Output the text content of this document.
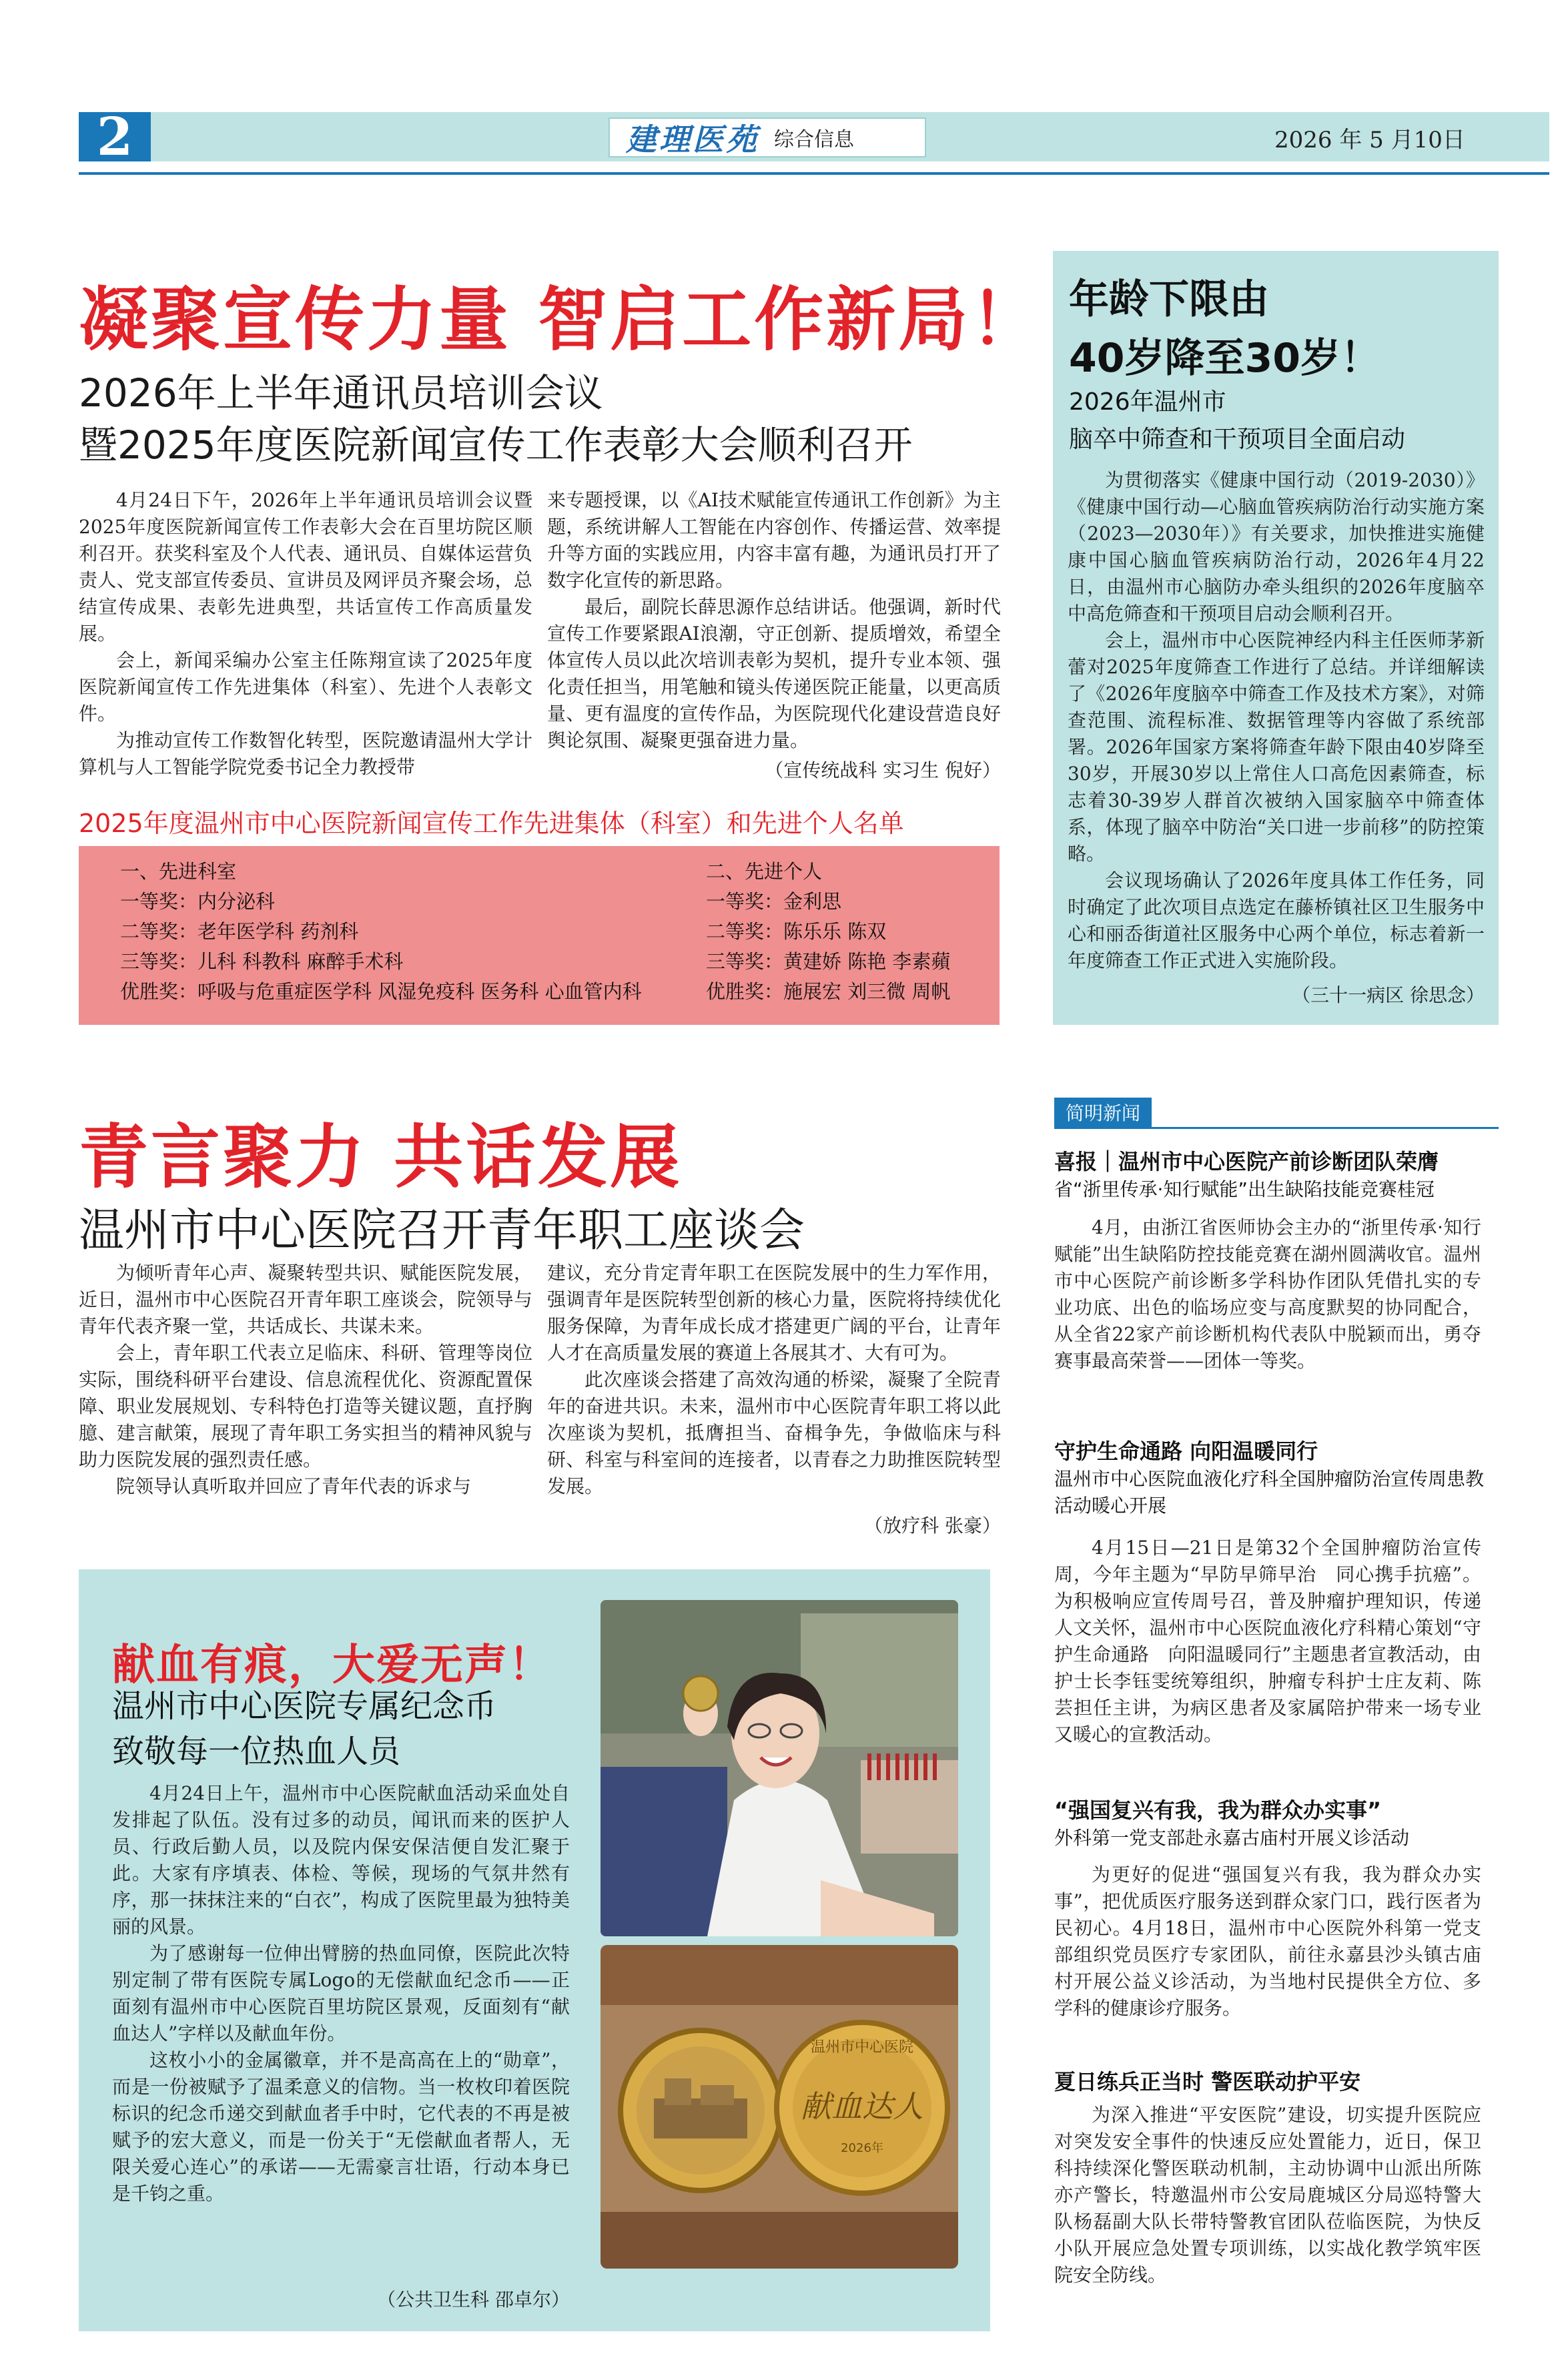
2	建理医苑 综合信息	2026 年 5 月10日
凝聚宣传力量 智启工作新局！
2026年上半年通讯员培训会议
暨2025年度医院新闻宣传工作表彰大会顺利召开

4月24日下午，2026年上半年通讯员培训会议暨2025年度医院新闻宣传工作表彰大会在百里坊院区顺利召开。获奖科室及个人代表、通讯员、自媒体运营负责人、党支部宣传委员、宣讲员及网评员齐聚会场，总结宣传成果、表彰先进典型，共话宣传工作高质量发展。

会上，新闻采编办公室主任陈翔宣读了2025年度医院新闻宣传工作先进集体（科室）、先进个人表彰文件。

为推动宣传工作数智化转型，医院邀请温州大学计算机与人工智能学院党委书记全力教授带

来专题授课，以《AI技术赋能宣传通讯工作创新》为主题，系统讲解人工智能在内容创作、传播运营、效率提升等方面的实践应用，内容丰富有趣，为通讯员打开了数字化宣传的新思路。

最后，副院长薛思源作总结讲话。他强调，新时代宣传工作要紧跟AI浪潮，守正创新、提质增效，希望全体宣传人员以此次培训表彰为契机，提升专业本领、强化责任担当，用笔触和镜头传递医院正能量，以更高质量、更有温度的宣传作品，为医院现代化建设营造良好舆论氛围、凝聚更强奋进力量。

（宣传统战科 实习生 倪好）
2025年度温州市中心医院新闻宣传工作先进集体（科室）和先进个人名单
一、先进科室
一等奖：内分泌科
二等奖：老年医学科 药剂科
三等奖：儿科 科教科 麻醉手术科
优胜奖：呼吸与危重症医学科 风湿免疫科 医务科 心血管内科
二、先进个人
一等奖：金利思
二等奖：陈乐乐 陈双
三等奖：黄建娇 陈艳 李素蘋
优胜奖：施展宏 刘三微 周帆
年龄下限由
40岁降至30岁！
2026年温州市
脑卒中筛查和干预项目全面启动

为贯彻落实《健康中国行动（2019-2030）》《健康中国行动—心脑血管疾病防治行动实施方案（2023—2030年）》有关要求，加快推进实施健康中国心脑血管疾病防治行动，2026年4月22日，由温州市心脑防办牵头组织的2026年度脑卒中高危筛查和干预项目启动会顺利召开。

会上，温州市中心医院神经内科主任医师茅新蕾对2025年度筛查工作进行了总结。并详细解读了《2026年度脑卒中筛查工作及技术方案》，对筛查范围、流程标准、数据管理等内容做了系统部署。2026年国家方案将筛查年龄下限由40岁降至30岁，开展30岁以上常住人口高危因素筛查，标志着30-39岁人群首次被纳入国家脑卒中筛查体系，体现了脑卒中防治“关口进一步前移”的防控策略。

会议现场确认了2026年度具体工作任务，同时确定了此次项目点选定在藤桥镇社区卫生服务中心和丽岙街道社区服务中心两个单位，标志着新一年度筛查工作正式进入实施阶段。

（三十一病区 徐思念）
青言聚力 共话发展
温州市中心医院召开青年职工座谈会

为倾听青年心声、凝聚转型共识、赋能医院发展，近日，温州市中心医院召开青年职工座谈会，院领导与青年代表齐聚一堂，共话成长、共谋未来。

会上，青年职工代表立足临床、科研、管理等岗位实际，围绕科研平台建设、信息流程优化、资源配置保障、职业发展规划、专科特色打造等关键议题，直抒胸臆、建言献策，展现了青年职工务实担当的精神风貌与助力医院发展的强烈责任感。

院领导认真听取并回应了青年代表的诉求与

建议，充分肯定青年职工在医院发展中的生力军作用，强调青年是医院转型创新的核心力量，医院将持续优化服务保障，为青年成长成才搭建更广阔的平台，让青年人才在高质量发展的赛道上各展其才、大有可为。

此次座谈会搭建了高效沟通的桥梁，凝聚了全院青年的奋进共识。未来，温州市中心医院青年职工将以此次座谈为契机，抵膺担当、奋楫争先，争做临床与科研、科室与科室间的连接者，以青春之力助推医院转型发展。

（放疗科 张豪）
献血有痕，大爱无声！
温州市中心医院专属纪念币
致敬每一位热血人员

4月24日上午，温州市中心医院献血活动采血处自发排起了队伍。没有过多的动员，闻讯而来的医护人员、行政后勤人员，以及院内保安保洁便自发汇聚于此。大家有序填表、体检、等候，现场的气氛井然有序，那一抹抹注来的“白衣”，构成了医院里最为独特美丽的风景。

为了感谢每一位伸出臂膀的热血同僚，医院此次特别定制了带有医院专属Logo的无偿献血纪念币——正面刻有温州市中心医院百里坊院区景观，反面刻有“献血达人”字样以及献血年份。

这枚小小的金属徽章，并不是高高在上的“勋章”，而是一份被赋予了温柔意义的信物。当一枚枚印着医院标识的纪念币递交到献血者手中时，它代表的不再是被赋予的宏大意义，而是一份关于“无偿献血者帮人，无限关爱心连心”的承诺——无需豪言壮语，行动本身已是千钧之重。

（公共卫生科 邵卓尔）
温州市中心医院
献血达人
2026年
简明新闻
喜报｜温州市中心医院产前诊断团队荣膺
省“浙里传承·知行赋能”出生缺陷技能竞赛桂冠

4月，由浙江省医师协会主办的“浙里传承·知行赋能”出生缺陷防控技能竞赛在湖州圆满收官。温州市中心医院产前诊断多学科协作团队凭借扎实的专业功底、出色的临场应变与高度默契的协同配合，从全省22家产前诊断机构代表队中脱颖而出，勇夺赛事最高荣誉——团体一等奖。

守护生命通路 向阳温暖同行
温州市中心医院血液化疗科全国肿瘤防治宣传周患教活动暖心开展

4月15日—21日是第32个全国肿瘤防治宣传周，今年主题为“早防早筛早治　同心携手抗癌”。为积极响应宣传周号召，普及肿瘤护理知识，传递人文关怀，温州市中心医院血液化疗科精心策划“守护生命通路　向阳温暖同行”主题患者宣教活动，由护士长李钰雯统筹组织，肿瘤专科护士庄友莉、陈芸担任主讲，为病区患者及家属陪护带来一场专业又暖心的宣教活动。

“强国复兴有我，我为群众办实事”
外科第一党支部赴永嘉古庙村开展义诊活动

为更好的促进“强国复兴有我，我为群众办实事”，把优质医疗服务送到群众家门口，践行医者为民初心。4月18日，温州市中心医院外科第一党支部组织党员医疗专家团队，前往永嘉县沙头镇古庙村开展公益义诊活动，为当地村民提供全方位、多学科的健康诊疗服务。

夏日练兵正当时 警医联动护平安

为深入推进“平安医院”建设，切实提升医院应对突发安全事件的快速反应处置能力，近日，保卫科持续深化警医联动机制，主动协调中山派出所陈亦产警长，特邀温州市公安局鹿城区分局巡特警大队杨磊副大队长带特警教官团队莅临医院，为快反小队开展应急处置专项训练，以实战化教学筑牢医院安全防线。
